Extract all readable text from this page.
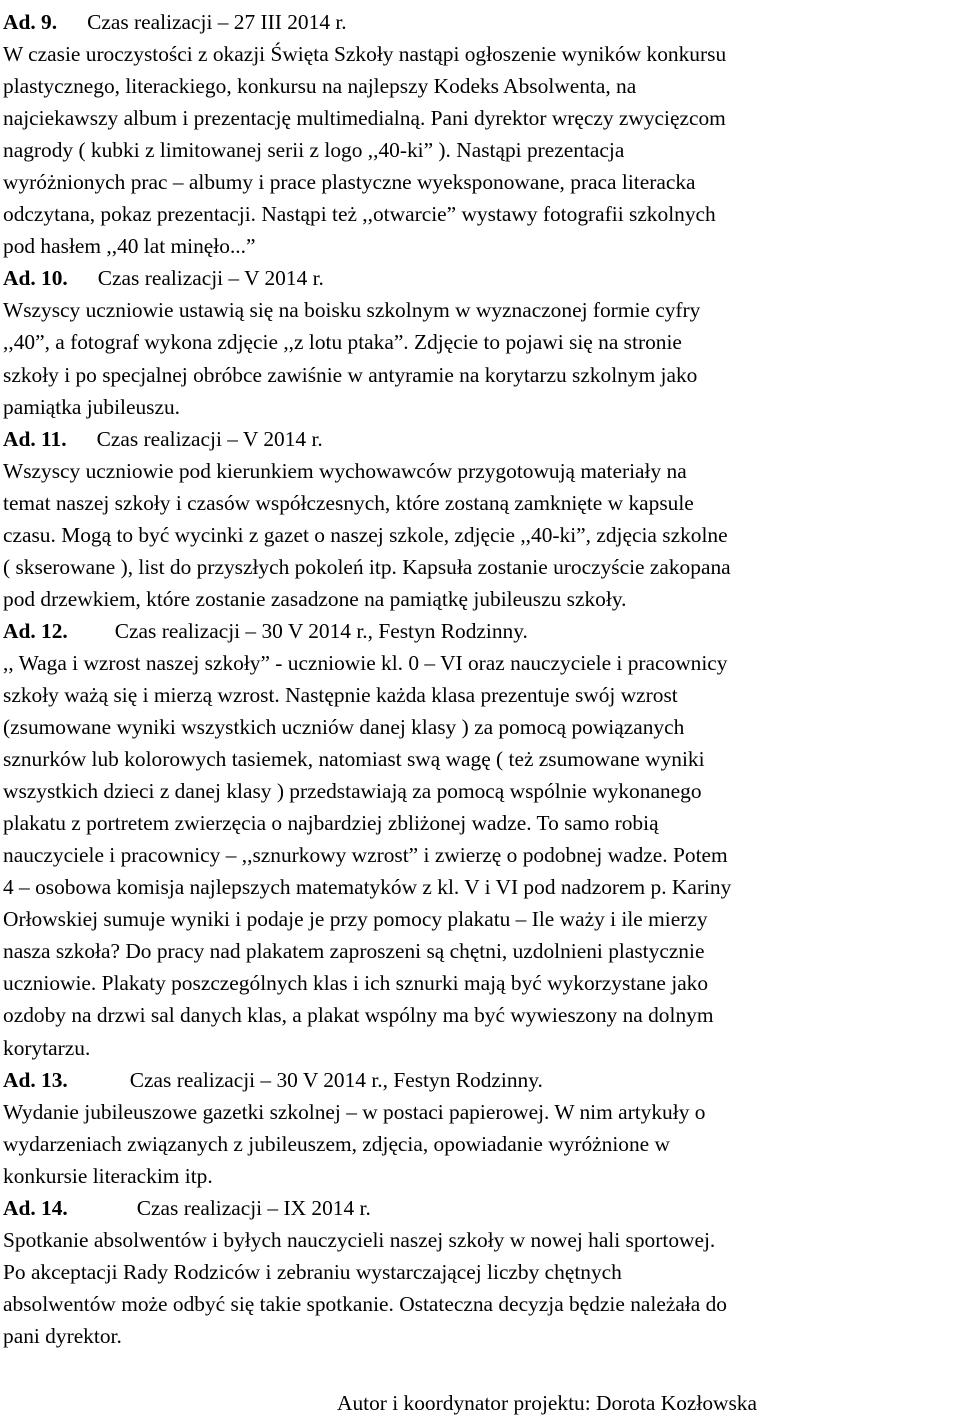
Ad. 9. Czas realizacji – 27 III 2014 r.
W czasie uroczystości z okazji Święta Szkoły nastąpi ogłoszenie wyników konkursu
plastycznego, literackiego, konkursu na najlepszy Kodeks Absolwenta, na
najciekawszy album i prezentację multimedialną. Pani dyrektor wręczy zwycięzcom
nagrody ( kubki z limitowanej serii z logo ,,40-ki” ). Nastąpi prezentacja
wyróżnionych prac – albumy i prace plastyczne wyeksponowane, praca literacka
odczytana, pokaz prezentacji. Nastąpi też ,,otwarcie” wystawy fotografii szkolnych
pod hasłem ,,40 lat minęło...”
Ad. 10. Czas realizacji – V 2014 r.
Wszyscy uczniowie ustawią się na boisku szkolnym w wyznaczonej formie cyfry
,,40”, a fotograf wykona zdjęcie ,,z lotu ptaka”. Zdjęcie to pojawi się na stronie
szkoły i po specjalnej obróbce zawiśnie w antyramie na korytarzu szkolnym jako
pamiątka jubileuszu.
Ad. 11. Czas realizacji – V 2014 r.
Wszyscy uczniowie pod kierunkiem wychowawców przygotowują materiały na
temat naszej szkoły i czasów współczesnych, które zostaną zamknięte w kapsule
czasu. Mogą to być wycinki z gazet o naszej szkole, zdjęcie ,,40-ki”, zdjęcia szkolne
( skserowane ), list do przyszłych pokoleń itp. Kapsuła zostanie uroczyście zakopana
pod drzewkiem, które zostanie zasadzone na pamiątkę jubileuszu szkoły.
Ad. 12. Czas realizacji – 30 V 2014 r., Festyn Rodzinny.
,, Waga i wzrost naszej szkoły” - uczniowie kl. 0 – VI oraz nauczyciele i pracownicy
szkoły ważą się i mierzą wzrost. Następnie każda klasa prezentuje swój wzrost
(zsumowane wyniki wszystkich uczniów danej klasy ) za pomocą powiązanych
sznurków lub kolorowych tasiemek, natomiast swą wagę ( też zsumowane wyniki
wszystkich dzieci z danej klasy ) przedstawiają za pomocą wspólnie wykonanego
plakatu z portretem zwierzęcia o najbardziej zbliżonej wadze. To samo robią
nauczyciele i pracownicy – ,,sznurkowy wzrost” i zwierzę o podobnej wadze. Potem
4 – osobowa komisja najlepszych matematyków z kl. V i VI pod nadzorem p. Kariny
Orłowskiej sumuje wyniki i podaje je przy pomocy plakatu – Ile waży i ile mierzy
nasza szkoła? Do pracy nad plakatem zaproszeni są chętni, uzdolnieni plastycznie
uczniowie. Plakaty poszczególnych klas i ich sznurki mają być wykorzystane jako
ozdoby na drzwi sal danych klas, a plakat wspólny ma być wywieszony na dolnym
korytarzu.
Ad. 13.	Czas realizacji – 30 V 2014 r., Festyn Rodzinny.
Wydanie jubileuszowe gazetki szkolnej – w postaci papierowej. W nim artykuły o
wydarzeniach związanych z jubileuszem, zdjęcia, opowiadanie wyróżnione w
konkursie literackim itp.
Ad. 14.	Czas realizacji – IX 2014 r.
Spotkanie absolwentów i byłych nauczycieli naszej szkoły w nowej hali sportowej.
Po akceptacji Rady Rodziców i zebraniu wystarczającej liczby chętnych
absolwentów może odbyć się takie spotkanie. Ostateczna decyzja będzie należała do
pani dyrektor.
Autor i koordynator projektu: Dorota Kozłowska
